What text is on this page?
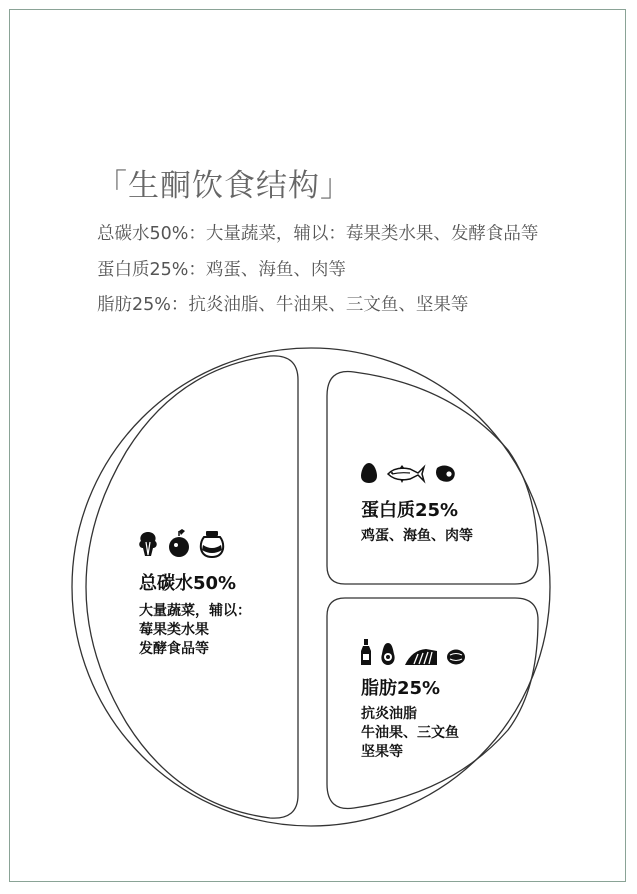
「生酮饮食结构」
总碳水50%：大量蔬菜，辅以：莓果类水果、发酵食品等
蛋白质25%：鸡蛋、海鱼、肉等
脂肪25%：抗炎油脂、牛油果、三文鱼、坚果等
总碳水50%
大量蔬菜，辅以：
莓果类水果
发酵食品等
蛋白质25%
鸡蛋、海鱼、肉等
脂肪25%
抗炎油脂
牛油果、三文鱼
坚果等
